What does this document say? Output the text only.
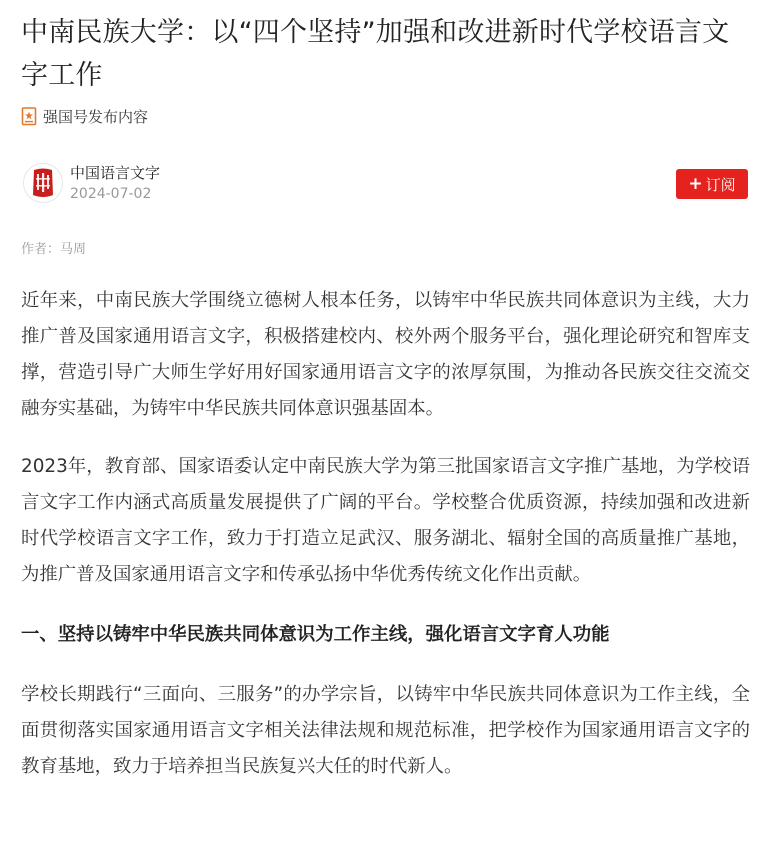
中南民族大学：以“四个坚持”加强和改进新时代学校语言文字工作
强国号发布内容
中国语言文字
2024-07-02
+ 订阅
作者：马周

近年来，中南民族大学围绕立德树人根本任务，以铸牢中华民族共同体意识为主线，大力推广普及国家通用语言文字，积极搭建校内、校外两个服务平台，强化理论研究和智库支撑，营造引导广大师生学好用好国家通用语言文字的浓厚氛围，为推动各民族交往交流交融夯实基础，为铸牢中华民族共同体意识强基固本。

2023年，教育部、国家语委认定中南民族大学为第三批国家语言文字推广基地，为学校语言文字工作内涵式高质量发展提供了广阔的平台。学校整合优质资源，持续加强和改进新时代学校语言文字工作，致力于打造立足武汉、服务湖北、辐射全国的高质量推广基地，为推广普及国家通用语言文字和传承弘扬中华优秀传统文化作出贡献。

一、坚持以铸牢中华民族共同体意识为工作主线，强化语言文字育人功能

学校长期践行“三面向、三服务”的办学宗旨，以铸牢中华民族共同体意识为工作主线，全面贯彻落实国家通用语言文字相关法律法规和规范标准，把学校作为国家通用语言文字的教育基地，致力于培养担当民族复兴大任的时代新人。
